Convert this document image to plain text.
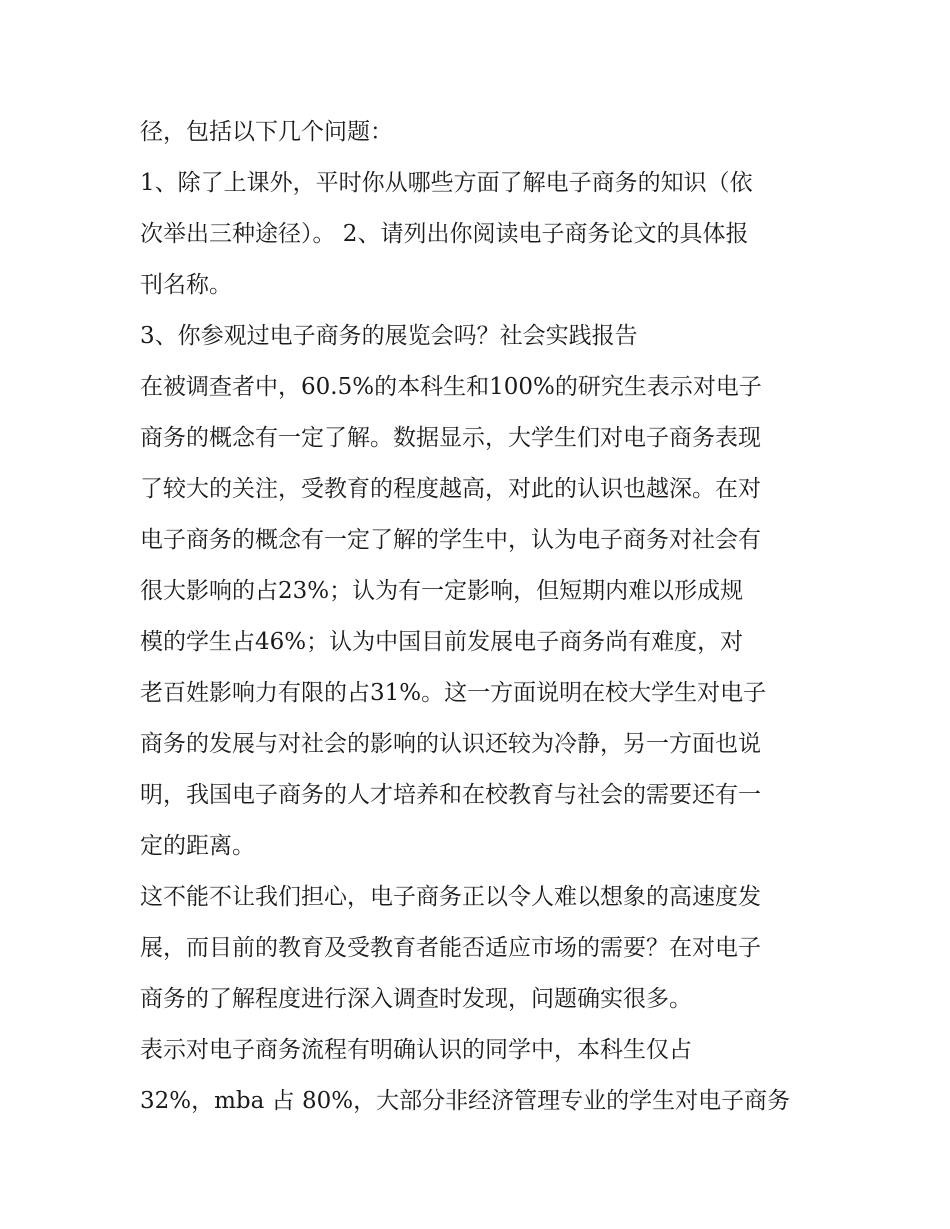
径，包括以下几个问题：
1、除了上课外，平时你从哪些方面了解电子商务的知识（依
次举出三种途径）。 2、请列出你阅读电子商务论文的具体报
刊名称。
3、你参观过电子商务的展览会吗？社会实践报告
在被调查者中，60.5%的本科生和100%的研究生表示对电子
商务的概念有一定了解。数据显示，大学生们对电子商务表现
了较大的关注，受教育的程度越高，对此的认识也越深。在对
电子商务的概念有一定了解的学生中，认为电子商务对社会有
很大影响的占23%；认为有一定影响，但短期内难以形成规
模的学生占46%；认为中国目前发展电子商务尚有难度，对
老百姓影响力有限的占31%。这一方面说明在校大学生对电子
商务的发展与对社会的影响的认识还较为冷静，另一方面也说
明，我国电子商务的人才培养和在校教育与社会的需要还有一
定的距离。
这不能不让我们担心，电子商务正以令人难以想象的高速度发
展，而目前的教育及受教育者能否适应市场的需要？在对电子
商务的了解程度进行深入调查时发现，问题确实很多。
表示对电子商务流程有明确认识的同学中，本科生仅占
32%，mba 占 80%，大部分非经济管理专业的学生对电子商务
